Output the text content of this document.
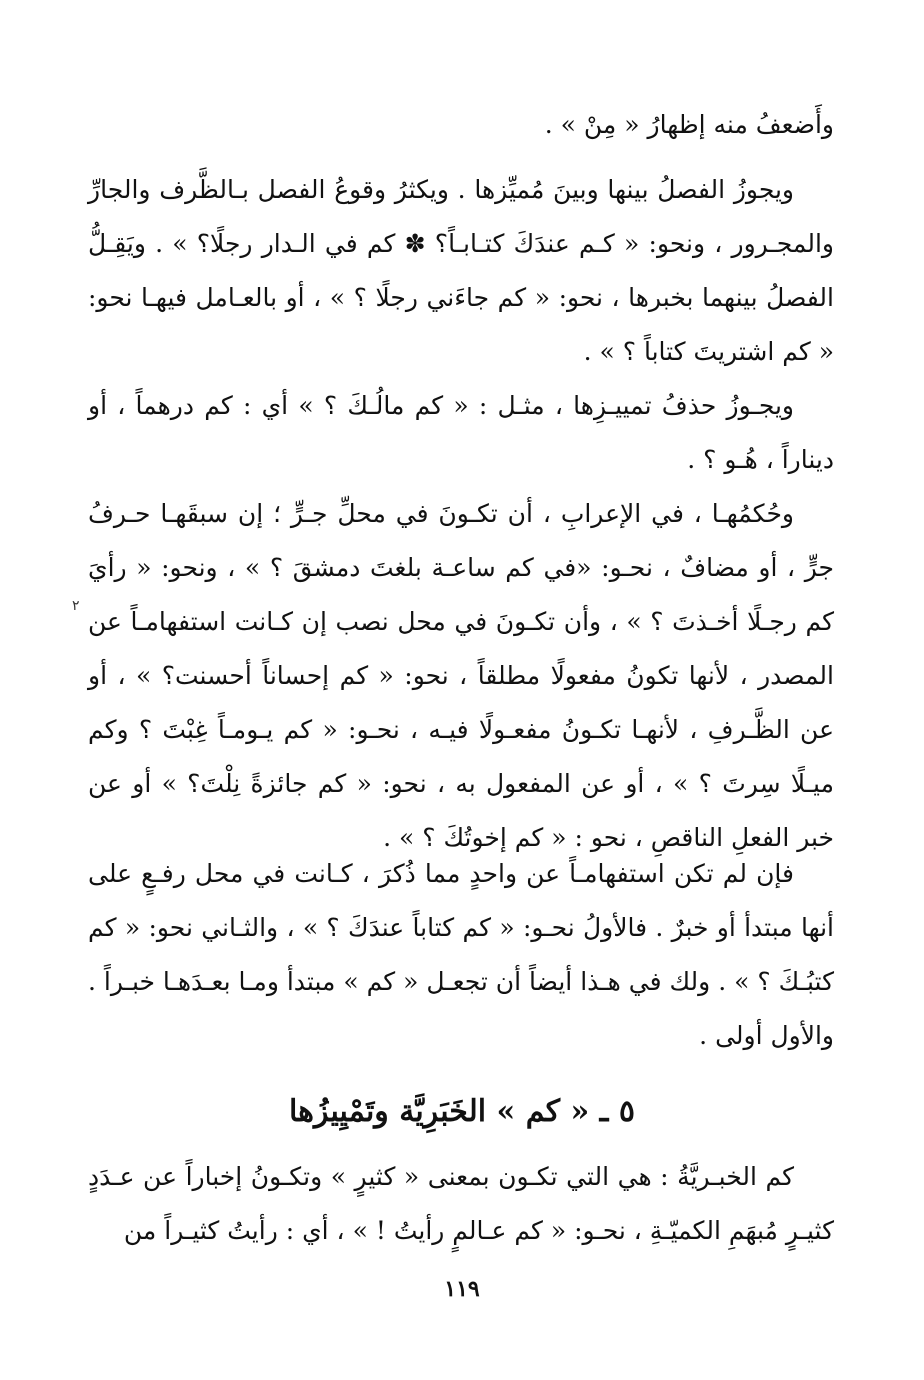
وأَضعفُ منه إظهارُ « مِنْ » .

ويجوزُ الفصلُ بينها وبينَ مُميِّزها . ويكثرُ وقوعُ الفصل بـالظَّرف والجارِّ والمجـرور ، ونحو: « كـم عندَكَ كتـابـاً؟ ✽ كم في الـدار رجلًا؟ » . ويَقِـلُّ الفصلُ بينهما بخبرها ، نحو: « كم جاءَني رجلًا ؟ » ، أو بالعـامل فيهـا نحو: « كم اشتريتَ كتاباً ؟ » .

ويجـوزُ حذفُ تمييـزِها ، مثـل : « كم مالُـكَ ؟ » أي : كم درهماً ، أو ديناراً ، هُـو ؟ .

وحُكمُهـا ، في الإعرابِ ، أن تكـونَ في محلِّ جـرٍّ ؛ إن سبقَهـا حـرفُ جرٍّ ، أو مضافٌ ، نحـو: «في كم ساعـة بلغتَ دمشقَ ؟ » ، ونحو: « رأيَ كم رجـلًا أخـذتَ ؟ » ، وأن تكـونَ في محل نصب إن كـانت استفهامـاً عن المصدر ، لأنها تكونُ مفعولًا مطلقاً ، نحو: « كم إحساناً أحسنت؟ » ، أو عن الظَّـرفِ ، لأنهـا تكـونُ مفعـولًا فيـه ، نحـو: « كم يـومـاً غِبْتَ ؟ وكم ميـلًا سِرتَ ؟ » ، أو عن المفعول به ، نحو: « كم جائزةً نِلْتَ؟ » أو عن خبر الفعلِ الناقصِ ، نحو : « كم إخوتُكَ ؟ » .

فإن لم تكن استفهامـاً عن واحدٍ مما ذُكرَ ، كـانت في محل رفـعٍ على أنها مبتدأ أو خبرٌ . فالأولُ نحـو: « كم كتاباً عندَكَ ؟ » ، والثـاني نحو: « كم كتبُـكَ ؟ » . ولك في هـذا أيضاً أن تجعـل « كم » مبتدأ ومـا بعـدَهـا خبـراً . والأول أولى .

٥ ـ « كم » الخَبَرِيَّة وتَمْيِيزُها

كم الخبـريَّةُ : هي التي تكـون بمعنى « كثيرٍ » وتكـونُ إخباراً عن عـدَدٍ كثيـرٍ مُبهَمِ الكميّـةِ ، نحـو: « كم عـالمٍ رأيتُ ! » ، أي : رأيتُ كثيـراً من

٢
١١٩
